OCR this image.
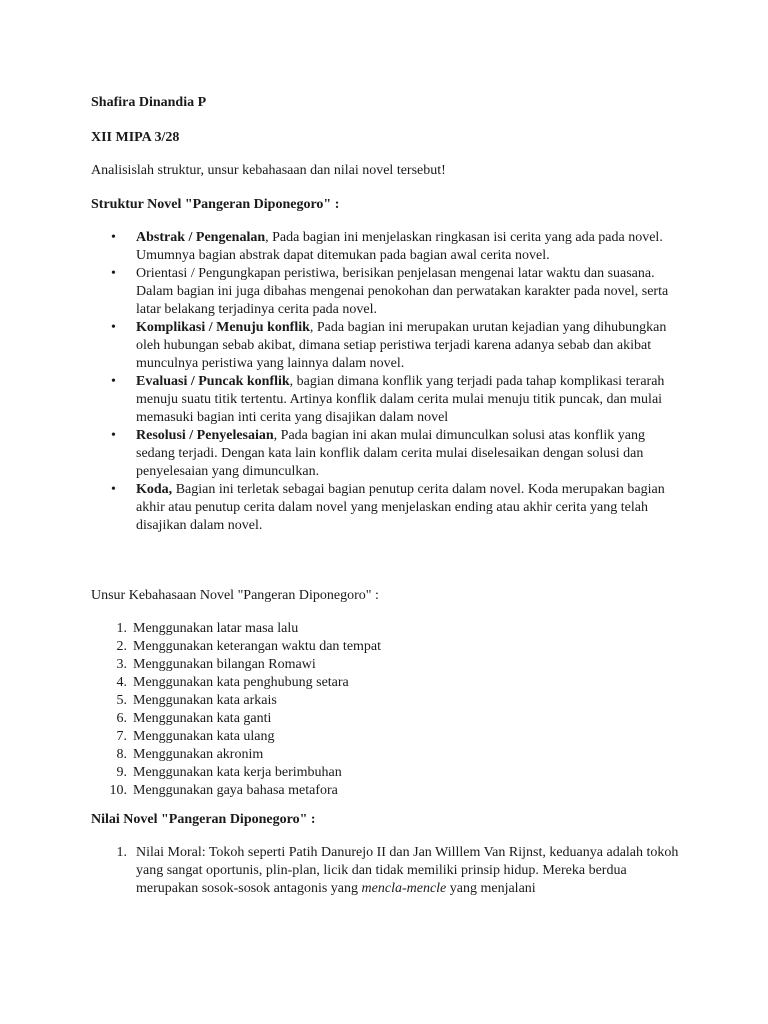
Shafira Dinandia P

XII MIPA 3/28

Analisislah struktur, unsur kebahasaan dan nilai novel tersebut!

Struktur Novel "Pangeran Diponegoro" :

• Abstrak / Pengenalan, Pada bagian ini menjelaskan ringkasan isi cerita yang ada pada novel. Umumnya bagian abstrak dapat ditemukan pada bagian awal cerita novel.
• Orientasi / Pengungkapan peristiwa, berisikan penjelasan mengenai latar waktu dan suasana. Dalam bagian ini juga dibahas mengenai penokohan dan perwatakan karakter pada novel, serta latar belakang terjadinya cerita pada novel.
• Komplikasi / Menuju konflik, Pada bagian ini merupakan urutan kejadian yang dihubungkan oleh hubungan sebab akibat, dimana setiap peristiwa terjadi karena adanya sebab dan akibat munculnya peristiwa yang lainnya dalam novel.
• Evaluasi / Puncak konflik, bagian dimana konflik yang terjadi pada tahap komplikasi terarah menuju suatu titik tertentu. Artinya konflik dalam cerita mulai menuju titik puncak, dan mulai memasuki bagian inti cerita yang disajikan dalam novel
• Resolusi / Penyelesaian, Pada bagian ini akan mulai dimunculkan solusi atas konflik yang sedang terjadi. Dengan kata lain konflik dalam cerita mulai diselesaikan dengan solusi dan penyelesaian yang dimunculkan.
• Koda, Bagian ini terletak sebagai bagian penutup cerita dalam novel. Koda merupakan bagian akhir atau penutup cerita dalam novel yang menjelaskan ending atau akhir cerita yang telah disajikan dalam novel.

Unsur Kebahasaan Novel "Pangeran Diponegoro" :

1. Menggunakan latar masa lalu
2. Menggunakan keterangan waktu dan tempat
3. Menggunakan bilangan Romawi
4. Menggunakan kata penghubung setara
5. Menggunakan kata arkais
6. Menggunakan kata ganti
7. Menggunakan kata ulang
8. Menggunakan akronim
9. Menggunakan kata kerja berimbuhan
10. Menggunakan gaya bahasa metafora

Nilai Novel "Pangeran Diponegoro" :

1. Nilai Moral: Tokoh seperti Patih Danurejo II dan Jan Willlem Van Rijnst, keduanya adalah tokoh yang sangat oportunis, plin-plan, licik dan tidak memiliki prinsip hidup. Mereka berdua merupakan sosok-sosok antagonis yang mencla-mencle yang menjalani
